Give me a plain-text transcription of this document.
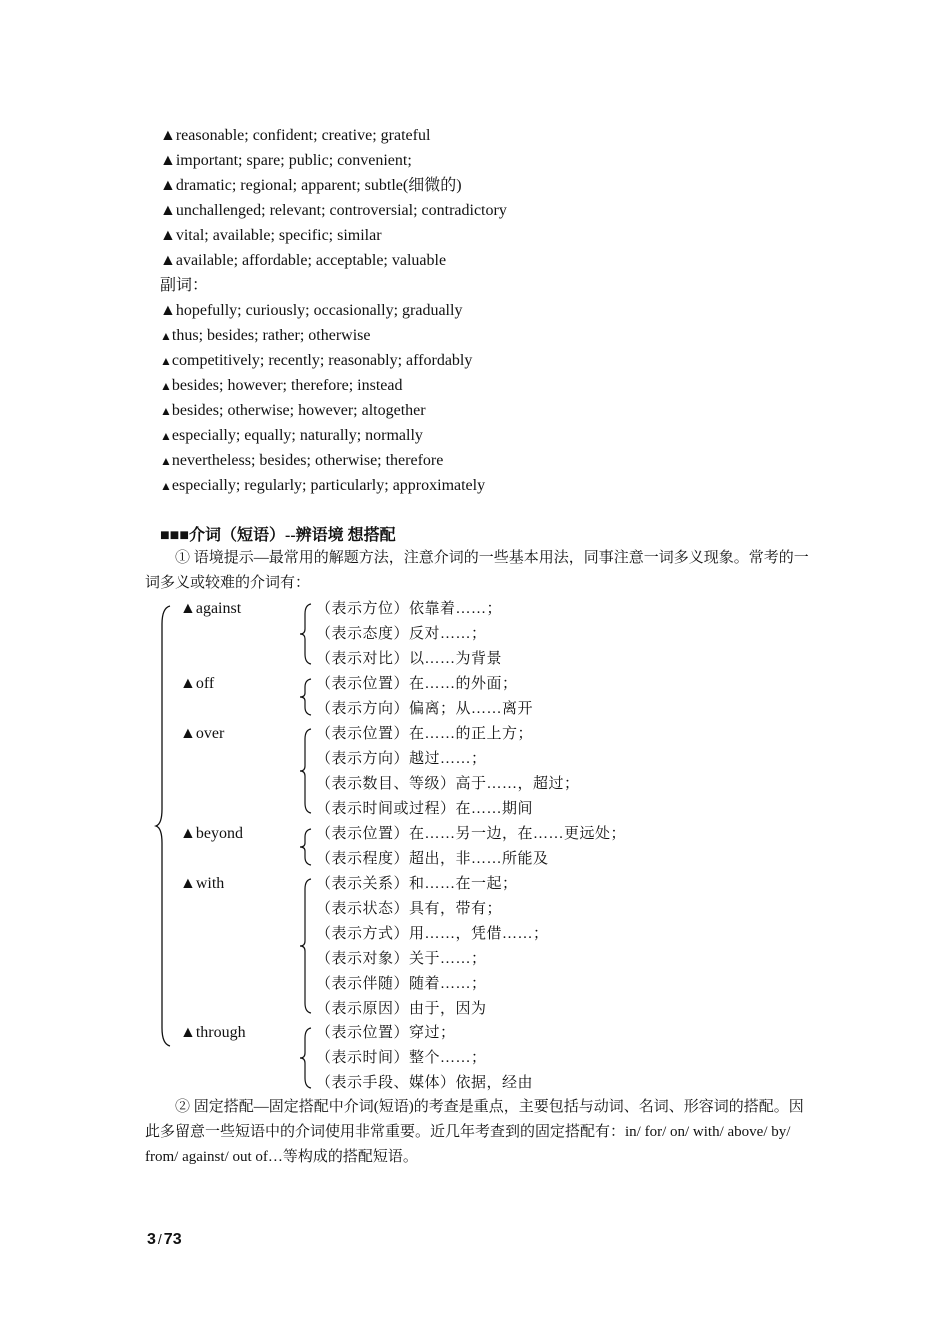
▲reasonable; confident; creative; grateful
▲important; spare; public; convenient;
▲dramatic; regional; apparent; subtle(细微的)
▲unchallenged; relevant; controversial; contradictory
▲vital; available; specific; similar
▲available; affordable; acceptable; valuable
副词：
▲hopefully; curiously; occasionally; gradually
▲thus; besides; rather; otherwise
▲competitively; recently; reasonably; affordably
▲besides; however; therefore; instead
▲besides; otherwise; however; altogether
▲especially; equally; naturally; normally
▲nevertheless; besides; otherwise; therefore
▲especially; regularly; particularly; approximately
■■■介词（短语）--辨语境 想搭配
① 语境提示—最常用的解题方法，注意介词的一些基本用法，同事注意一词多义现象。常考的一词多义或较难的介词有：
▲against	（表示方位）依靠着……；
（表示态度）反对……；
（表示对比）以……为背景
▲off	（表示位置）在……的外面；
（表示方向）偏离；从……离开
▲over	（表示位置）在……的正上方；
（表示方向）越过……；
（表示数目、等级）高于……，超过；
（表示时间或过程）在……期间
▲beyond	（表示位置）在……另一边，在……更远处；
（表示程度）超出，非……所能及
▲with	（表示关系）和……在一起；
（表示状态）具有，带有；
（表示方式）用……，凭借……；
（表示对象）关于……；
（表示伴随）随着……；
（表示原因）由于，因为
▲through	（表示位置）穿过；
（表示时间）整个……；
（表示手段、媒体）依据，经由
② 固定搭配—固定搭配中介词(短语)的考查是重点，主要包括与动词、名词、形容词的搭配。因此多留意一些短语中的介词使用非常重要。近几年考查到的固定搭配有：in/ for/ on/ with/ above/ by/ from/ against/ out of…等构成的搭配短语。
3 / 73
